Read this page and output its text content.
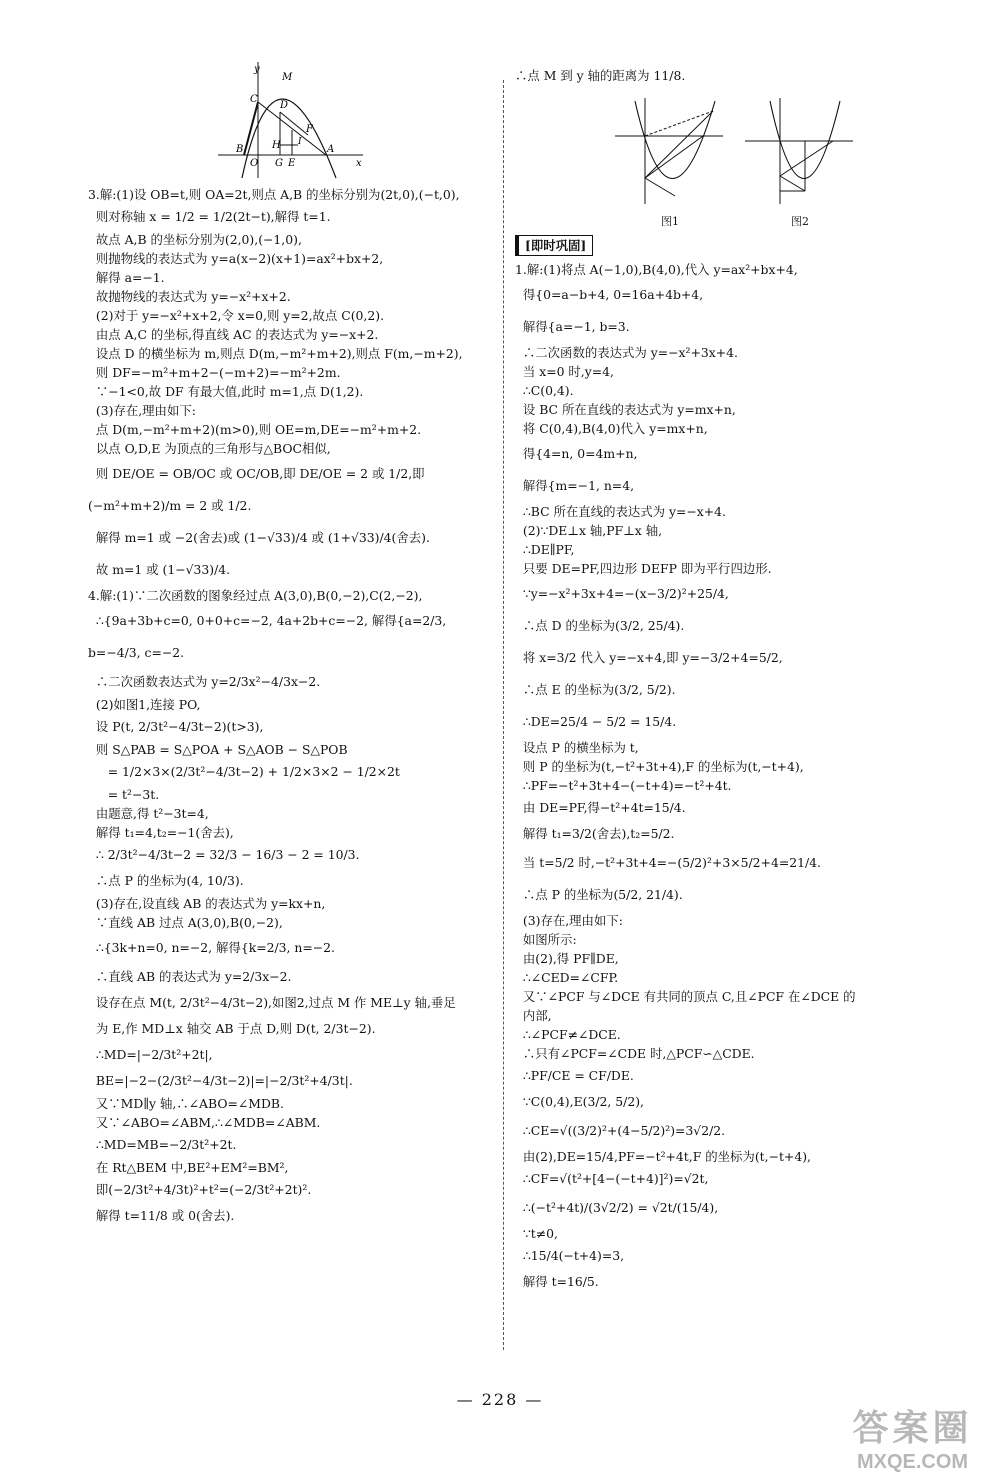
y
M
C
D
F
I
B	H	A
O G E	x

3.解:(1)设 OB=t,则 OA=2t,则点 A,B 的坐标分别为(2t,0),(−t,0),

则对称轴 x = 1/2 = 1/2(2t−t),解得 t=1.

故点 A,B 的坐标分别为(2,0),(−1,0),

则抛物线的表达式为 y=a(x−2)(x+1)=ax²+bx+2,

解得 a=−1.

故抛物线的表达式为 y=−x²+x+2.

(2)对于 y=−x²+x+2,令 x=0,则 y=2,故点 C(0,2).

由点 A,C 的坐标,得直线 AC 的表达式为 y=−x+2.

设点 D 的横坐标为 m,则点 D(m,−m²+m+2),则点 F(m,−m+2),

则 DF=−m²+m+2−(−m+2)=−m²+2m.

∵−1<0,故 DF 有最大值,此时 m=1,点 D(1,2).

(3)存在,理由如下:

点 D(m,−m²+m+2)(m>0),则 OE=m,DE=−m²+m+2.

以点 O,D,E 为顶点的三角形与△BOC相似,

则 DE/OE = OB/OC 或 OC/OB,即 DE/OE = 2 或 1/2,即 (−m²+m+2)/m = 2 或 1/2.

解得 m=1 或 −2(舍去)或 (1−√33)/4 或 (1+√33)/4(舍去).

故 m=1 或 (1−√33)/4.

4.解:(1)∵二次函数的图象经过点 A(3,0),B(0,−2),C(2,−2),

∴{9a+3b+c=0, 0+0+c=−2, 4a+2b+c=−2, 解得{a=2/3, b=−4/3, c=−2.

∴二次函数表达式为 y=2/3x²−4/3x−2.

(2)如图1,连接 PO,

设 P(t, 2/3t²−4/3t−2)(t>3),

则 S△PAB = S△POA + S△AOB − S△POB

= 1/2×3×(2/3t²−4/3t−2) + 1/2×3×2 − 1/2×2t

= t²−3t.

由题意,得 t²−3t=4,

解得 t₁=4,t₂=−1(舍去),

∴ 2/3t²−4/3t−2 = 32/3 − 16/3 − 2 = 10/3.

∴点 P 的坐标为(4, 10/3).

(3)存在,设直线 AB 的表达式为 y=kx+n,

∵直线 AB 过点 A(3,0),B(0,−2),

∴{3k+n=0, n=−2, 解得{k=2/3, n=−2.

∴直线 AB 的表达式为 y=2/3x−2.

设存在点 M(t, 2/3t²−4/3t−2),如图2,过点 M 作 ME⊥y 轴,垂足

为 E,作 MD⊥x 轴交 AB 于点 D,则 D(t, 2/3t−2).

∴MD=|−2/3t²+2t|,

BE=|−2−(2/3t²−4/3t−2)|=|−2/3t²+4/3t|.

又∵MD∥y 轴,∴∠ABO=∠MDB.

又∵∠ABO=∠ABM,∴∠MDB=∠ABM.

∴MD=MB=−2/3t²+2t.

在 Rt△BEM 中,BE²+EM²=BM²,

即(−2/3t²+4/3t)²+t²=(−2/3t²+2t)².

解得 t=11/8 或 0(舍去).

∴点 M 到 y 轴的距离为 11/8.

图1	图2
[即时巩固]

1.解:(1)将点 A(−1,0),B(4,0),代入 y=ax²+bx+4,

得{0=a−b+4, 0=16a+4b+4,

解得{a=−1, b=3.

∴二次函数的表达式为 y=−x²+3x+4.

当 x=0 时,y=4,

∴C(0,4).

设 BC 所在直线的表达式为 y=mx+n,

将 C(0,4),B(4,0)代入 y=mx+n,

得{4=n, 0=4m+n,

解得{m=−1, n=4,

∴BC 所在直线的表达式为 y=−x+4.

(2)∵DE⊥x 轴,PF⊥x 轴,

∴DE∥PF,

只要 DE=PF,四边形 DEFP 即为平行四边形.

∵y=−x²+3x+4=−(x−3/2)²+25/4,

∴点 D 的坐标为(3/2, 25/4).

将 x=3/2 代入 y=−x+4,即 y=−3/2+4=5/2,

∴点 E 的坐标为(3/2, 5/2).

∴DE=25/4 − 5/2 = 15/4.

设点 P 的横坐标为 t,

则 P 的坐标为(t,−t²+3t+4),F 的坐标为(t,−t+4),

∴PF=−t²+3t+4−(−t+4)=−t²+4t.

由 DE=PF,得−t²+4t=15/4.

解得 t₁=3/2(舍去),t₂=5/2.

当 t=5/2 时,−t²+3t+4=−(5/2)²+3×5/2+4=21/4.

∴点 P 的坐标为(5/2, 21/4).

(3)存在,理由如下:

如图所示:

由(2),得 PF∥DE,

∴∠CED=∠CFP.

又∵∠PCF 与∠DCE 有共同的顶点 C,且∠PCF 在∠DCE 的

内部,

∴∠PCF≠∠DCE.

∴只有∠PCF=∠CDE 时,△PCF∽△CDE.

∴PF/CE = CF/DE.

∵C(0,4),E(3/2, 5/2),

∴CE=√((3/2)²+(4−5/2)²)=3√2/2.

由(2),DE=15/4,PF=−t²+4t,F 的坐标为(t,−t+4),

∴CF=√(t²+[4−(−t+4)]²)=√2t,

∴(−t²+4t)/(3√2/2) = √2t/(15/4),

∵t≠0,

∴15/4(−t+4)=3,

解得 t=16/5.

— 228 —
答案圈
MXQE.COM
